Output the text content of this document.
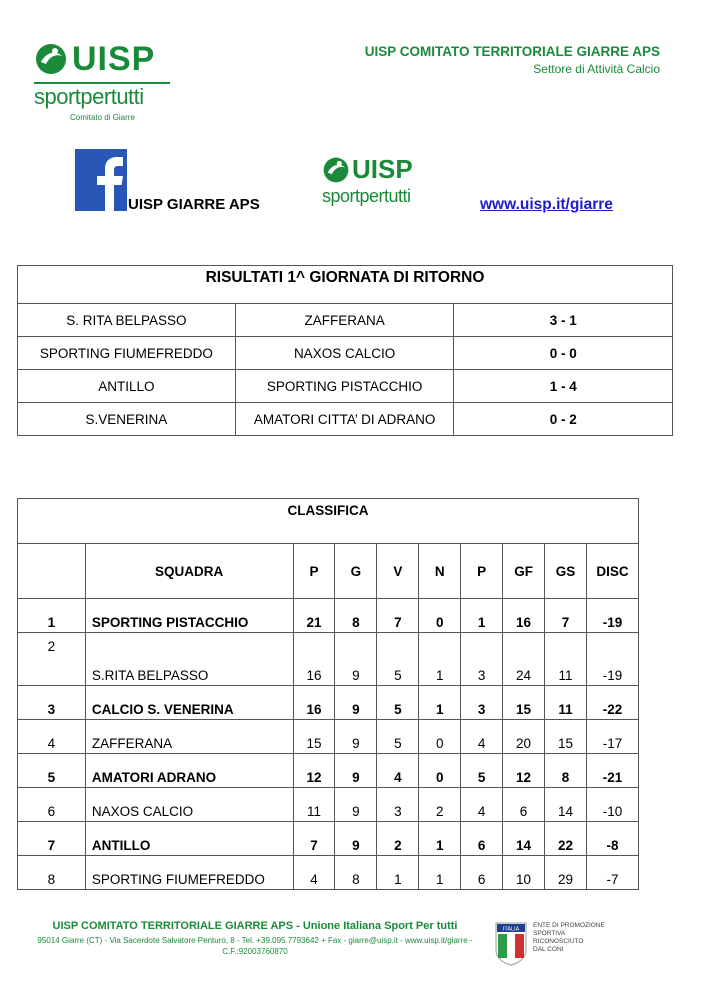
UISP
sportpertutti
Comitato di Giarre
UISP COMITATO TERRITORIALE GIARRE APS
Settore di Attività Calcio
UISP GIARRE APS
UISP
sportpertutti	www.uisp.it/giarre
RISULTATI 1^ GIORNATA DI RITORNO		
S. RITA BELPASSO	ZAFFERANA	3 - 1
SPORTING FIUMEFREDDO	NAXOS CALCIO	0 - 0
ANTILLO	SPORTING PISTACCHIO	1 - 4
S.VENERINA	AMATORI CITTA’ DI ADRANO	0 - 2
CLASSIFICA									
	SQUADRA	P	G	V	N	P	GF	GS	DISC
1	SPORTING PISTACCHIO	21	8	7	0	1	16	7	-19
2	S.RITA BELPASSO	16	9	5	1	3	24	11	-19
3	CALCIO S. VENERINA	16	9	5	1	3	15	11	-22
4	ZAFFERANA	15	9	5	0	4	20	15	-17
5	AMATORI ADRANO	12	9	4	0	5	12	8	-21
6	NAXOS CALCIO	11	9	3	2	4	6	14	-10
7	ANTILLO	7	9	2	1	6	14	22	-8
8	SPORTING FIUMEFREDDO	4	8	1	1	6	10	29	-7
UISP COMITATO TERRITORIALE GIARRE APS - Unione Italiana Sport Per tutti
95014 Giarre (CT) - Via Sacerdote Salvatore Penturo, 8 - Tel. +39.095.7793642 + Fax - giarre@uisp.it - www.uisp.it/giarre -
C.F.:92003760870
ITALIA
ENTE DI PROMOZIONE
SPORTIVA
RICONOSCIUTO
DAL CONI
